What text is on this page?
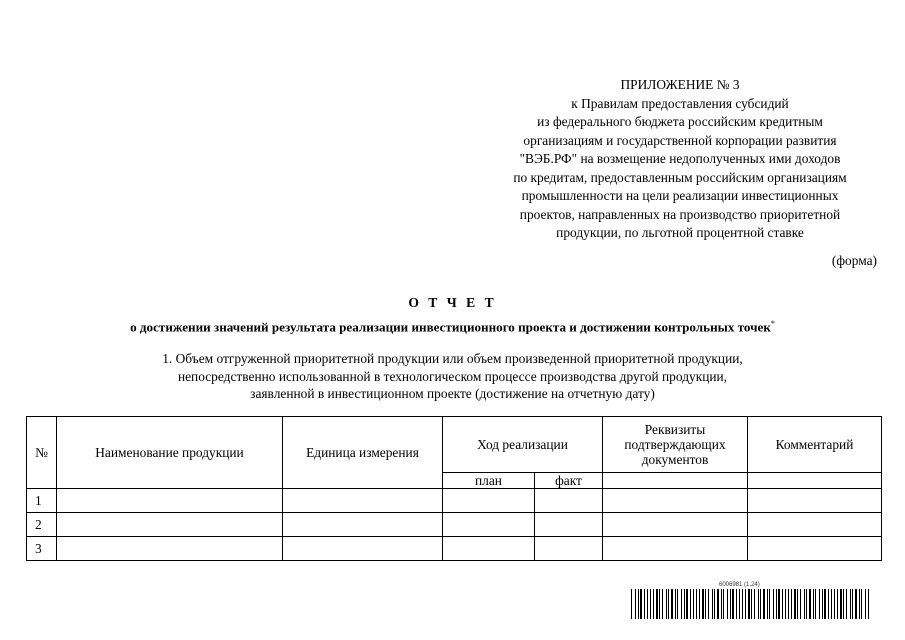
ПРИЛОЖЕНИЕ № 3
к Правилам предоставления субсидий
из федерального бюджета российским кредитным
организациям и государственной корпорации развития
"ВЭБ.РФ" на возмещение недополученных ими доходов
по кредитам, предоставленным российским организациям
промышленности на цели реализации инвестиционных
проектов, направленных на производство приоритетной
продукции, по льготной процентной ставке
(форма)
О Т Ч Е Т
о достижении значений результата реализации инвестиционного проекта и достижении контрольных точек*
1. Объем отгруженной приоритетной продукции или объем произведенной приоритетной продукции,
непосредственно использованной в технологическом процессе производства другой продукции,
заявленной в инвестиционном проекте (достижение на отчетную дату)
№	Наименование продукции	Единица измерения	Ход реализации		Реквизиты подтверждающих документов	Комментарий
			план	факт		
1						
2						
3						
6006981 (1.24)
